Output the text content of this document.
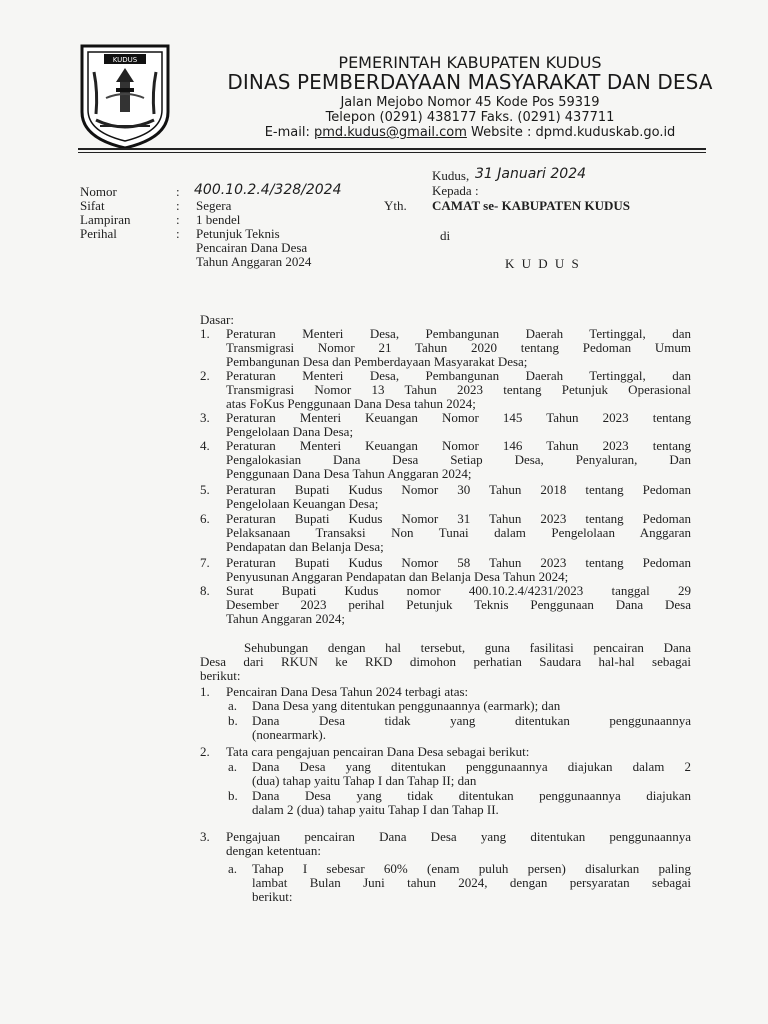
KUDUS	PEMERINTAH KABUPATEN KUDUS
DINAS PEMBERDAYAAN MASYARAKAT DAN DESA
Jalan Mejobo Nomor 45 Kode Pos 59319
Telepon (0291) 438177 Faks. (0291) 437711
E-mail: pmd.kudus@gmail.com Website : dpmd.kuduskab.go.id
Kudus, 31 Januari 2024
Nomor
Sifat
Lampiran
Perihal
:
:
:
:
400.10.2.4/328/2024
Segera
1 bendel
Petunjuk Teknis
Pencairan Dana Desa
Tahun Anggaran 2024
Kepada :
Yth. CAMAT se- KABUPATEN KUDUS
di
K U D U S
Dasar:
1. Peraturan Menteri Desa, Pembangunan Daerah Tertinggal, dan
Transmigrasi Nomor 21 Tahun 2020 tentang Pedoman Umum
Pembangunan Desa dan Pemberdayaan Masyarakat Desa;
2. Peraturan Menteri Desa, Pembangunan Daerah Tertinggal, dan
Transmigrasi Nomor 13 Tahun 2023 tentang Petunjuk Operasional
atas FoKus Penggunaan Dana Desa tahun 2024;
3. Peraturan Menteri Keuangan Nomor 145 Tahun 2023 tentang
Pengelolaan Dana Desa;
4. Peraturan Menteri Keuangan Nomor 146 Tahun 2023 tentang
Pengalokasian Dana Desa Setiap Desa, Penyaluran, Dan
Penggunaan Dana Desa Tahun Anggaran 2024;
5. Peraturan Bupati Kudus Nomor 30 Tahun 2018 tentang Pedoman
Pengelolaan Keuangan Desa;
6. Peraturan Bupati Kudus Nomor 31 Tahun 2023 tentang Pedoman
Pelaksanaan Transaksi Non Tunai dalam Pengelolaan Anggaran
Pendapatan dan Belanja Desa;
7. Peraturan Bupati Kudus Nomor 58 Tahun 2023 tentang Pedoman
Penyusunan Anggaran Pendapatan dan Belanja Desa Tahun 2024;
8. Surat Bupati Kudus nomor 400.10.2.4/4231/2023 tanggal 29
Desember 2023 perihal Petunjuk Teknis Penggunaan Dana Desa
Tahun Anggaran 2024;
Sehubungan dengan hal tersebut, guna fasilitasi pencairan Dana
Desa dari RKUN ke RKD dimohon perhatian Saudara hal-hal sebagai
berikut:
1. Pencairan Dana Desa Tahun 2024 terbagi atas:
a. Dana Desa yang ditentukan penggunaannya (earmark); dan
b. Dana Desa tidak yang ditentukan penggunaannya
(nonearmark).
2. Tata cara pengajuan pencairan Dana Desa sebagai berikut:
a. Dana Desa yang ditentukan penggunaannya diajukan dalam 2
(dua) tahap yaitu Tahap I dan Tahap II; dan
b. Dana Desa yang tidak ditentukan penggunaannya diajukan
dalam 2 (dua) tahap yaitu Tahap I dan Tahap II.
3. Pengajuan pencairan Dana Desa yang ditentukan penggunaannya
dengan ketentuan:
a. Tahap I sebesar 60% (enam puluh persen) disalurkan paling
lambat Bulan Juni tahun 2024, dengan persyaratan sebagai
berikut:
